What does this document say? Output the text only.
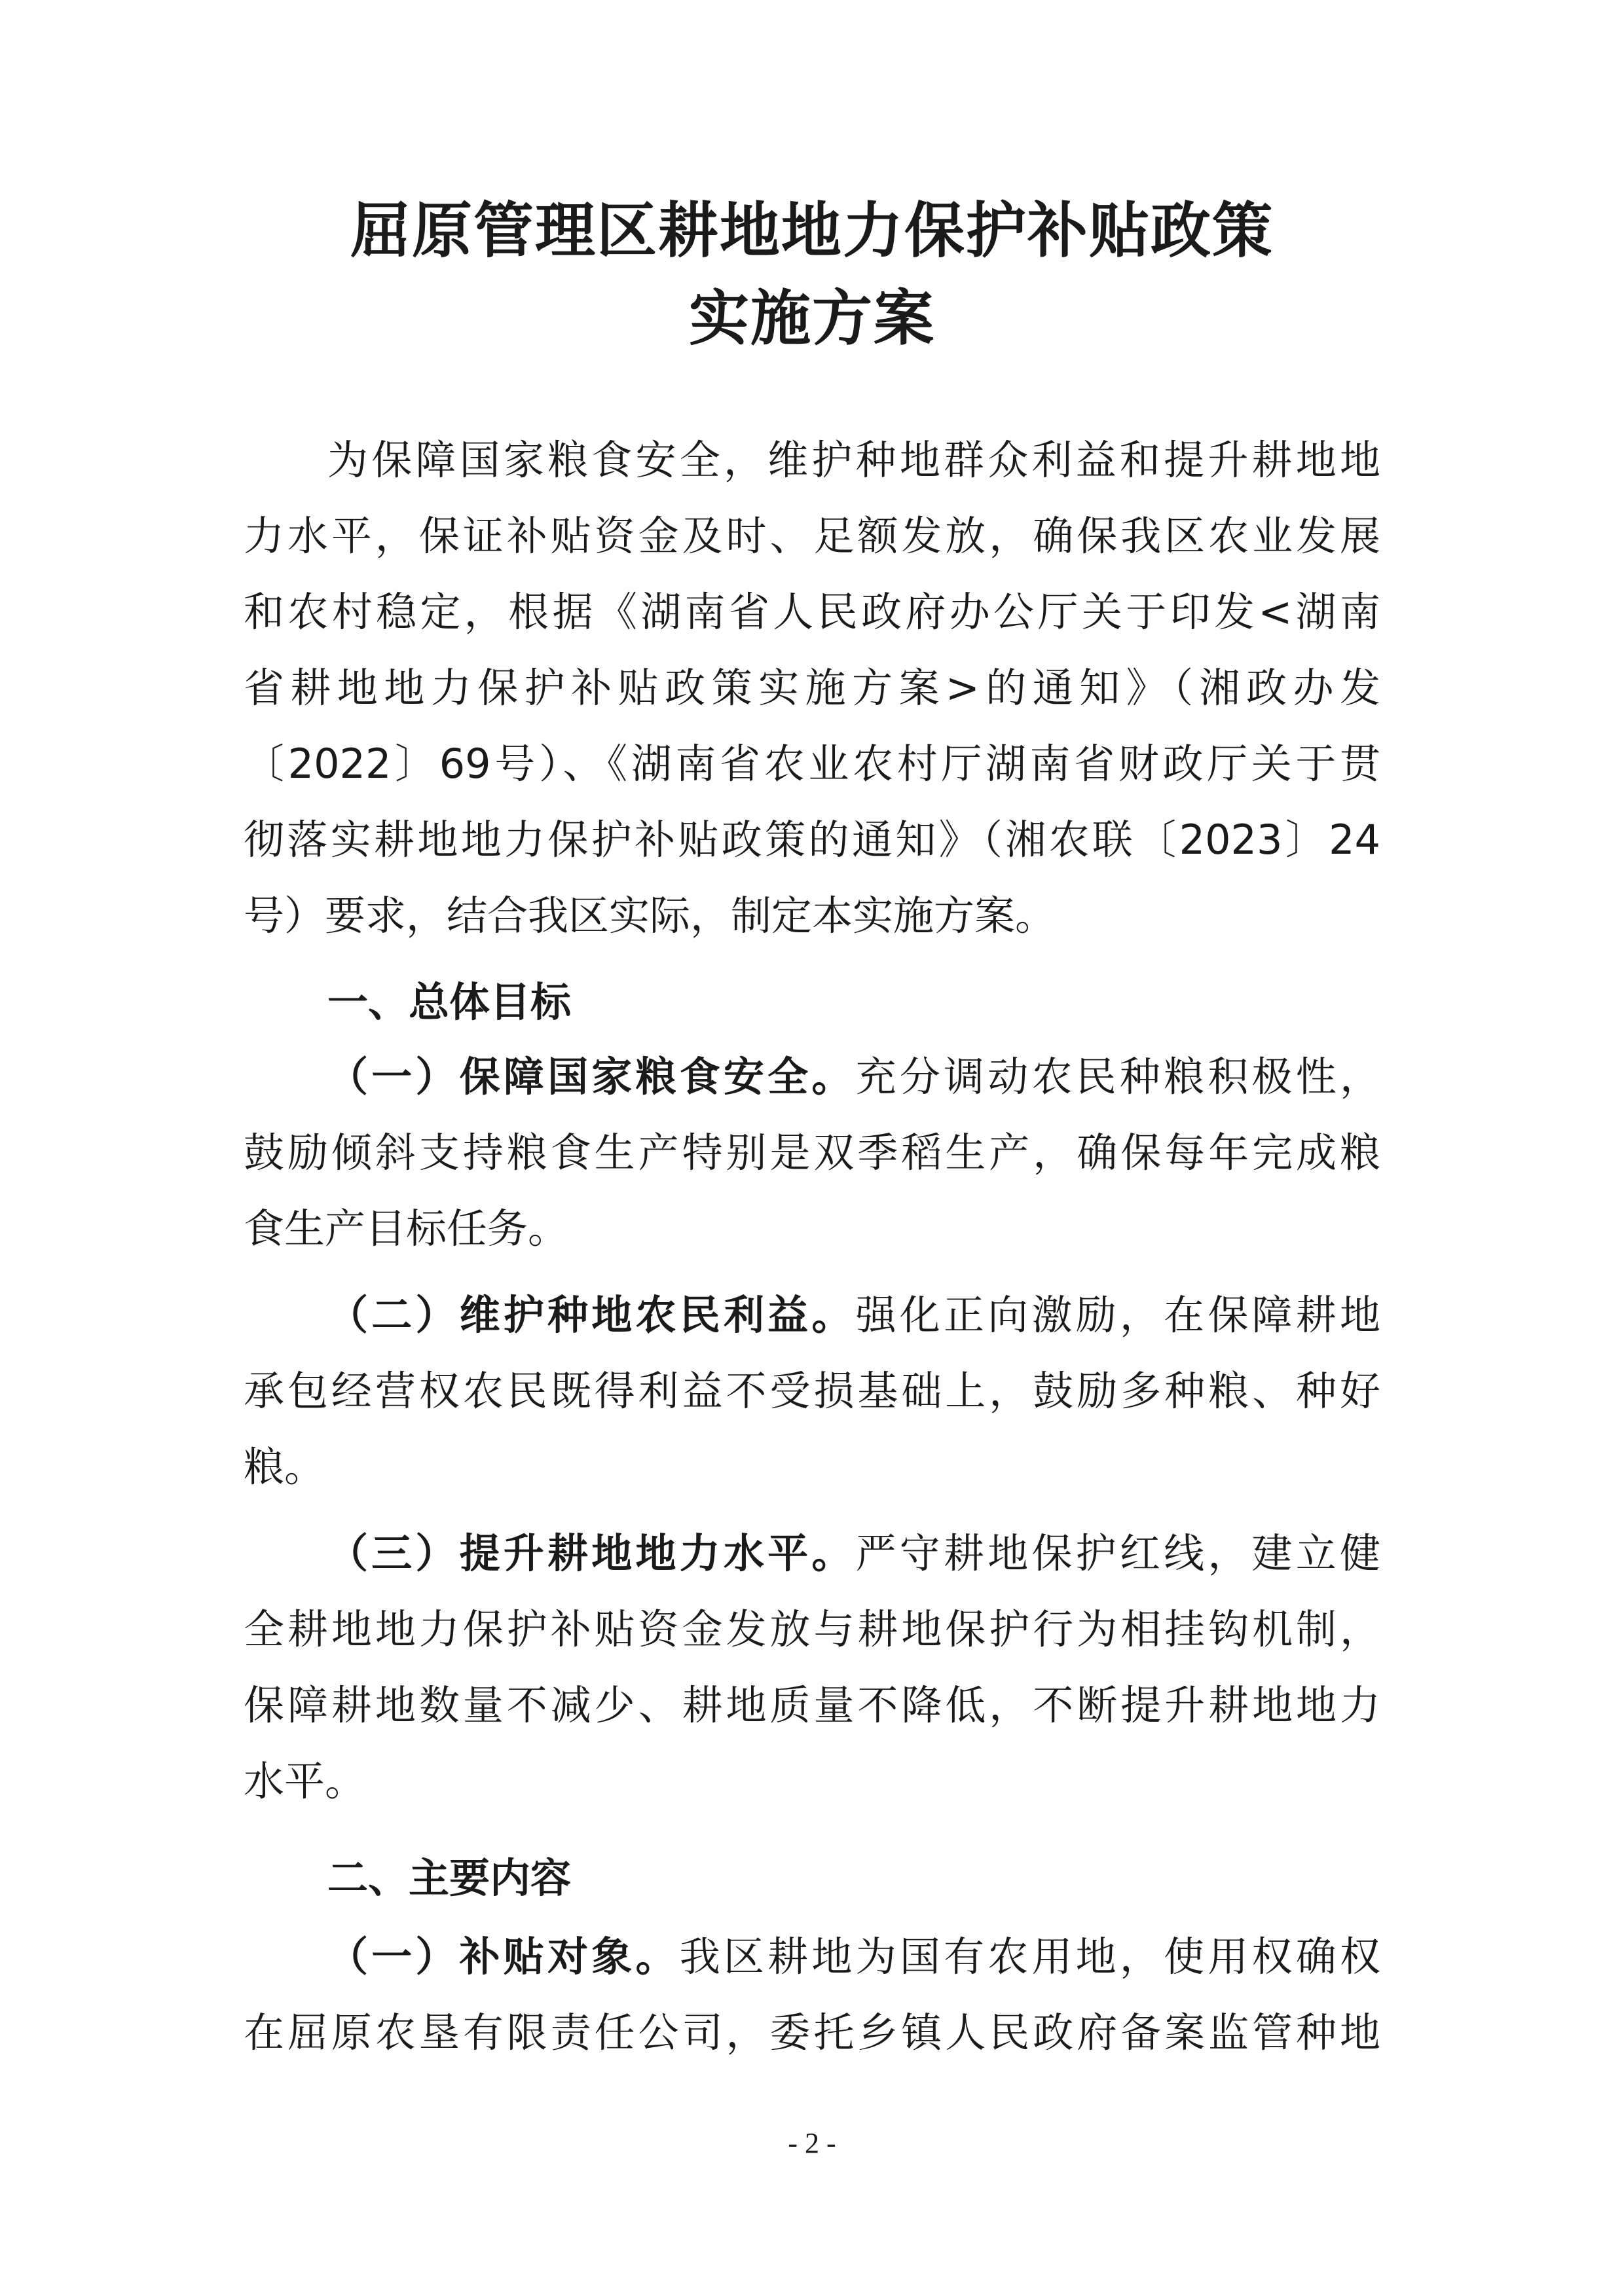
屈原管理区耕地地力保护补贴政策
实施方案
为保障国家粮食安全，维护种地群众利益和提升耕地地
力水平，保证补贴资金及时、足额发放，确保我区农业发展
和农村稳定，根据《湖南省人民政府办公厅关于印发<湖南
省耕地地力保护补贴政策实施方案>的通知》（湘政办发
〔2022〕69号）、《湖南省农业农村厅湖南省财政厅关于贯
彻落实耕地地力保护补贴政策的通知》（湘农联〔2023〕24
号）要求，结合我区实际，制定本实施方案。
一、总体目标
（一）保障国家粮食安全。充分调动农民种粮积极性，
鼓励倾斜支持粮食生产特别是双季稻生产，确保每年完成粮
食生产目标任务。
（二）维护种地农民利益。强化正向激励，在保障耕地
承包经营权农民既得利益不受损基础上，鼓励多种粮、种好
粮。
（三）提升耕地地力水平。严守耕地保护红线，建立健
全耕地地力保护补贴资金发放与耕地保护行为相挂钩机制，
保障耕地数量不减少、耕地质量不降低，不断提升耕地地力
水平。
二、主要内容
（一）补贴对象。我区耕地为国有农用地，使用权确权
在屈原农垦有限责任公司，委托乡镇人民政府备案监管种地
- 2 -
